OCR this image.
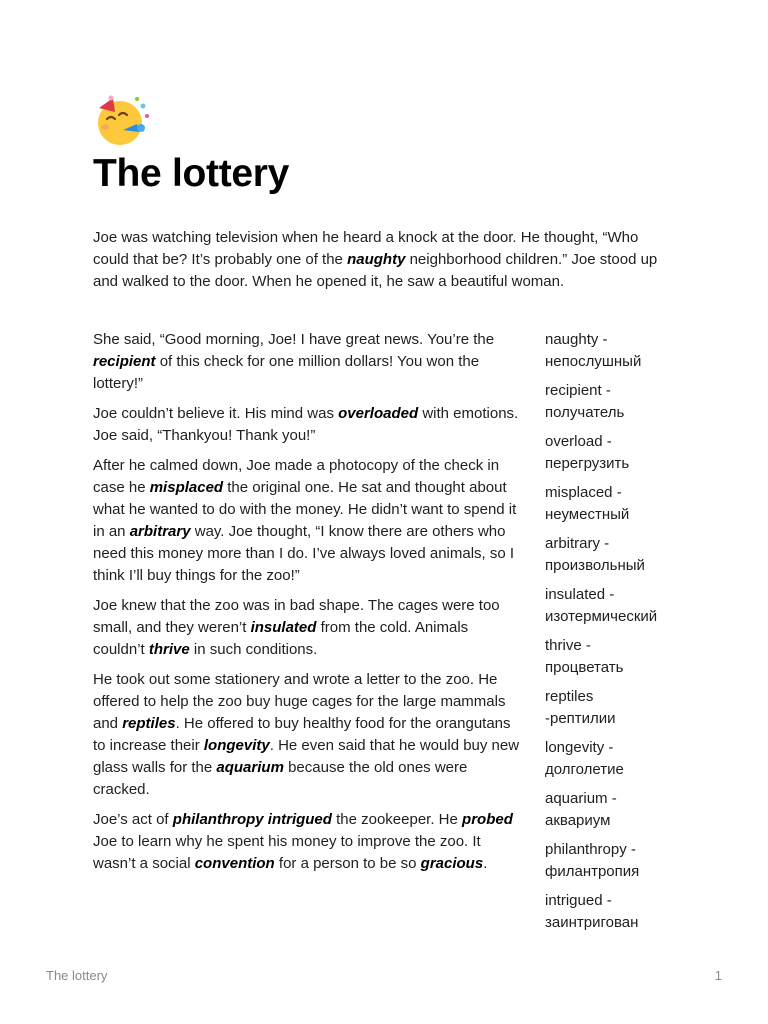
The lottery

Joe was watching television when he heard a knock at the door. He thought, “Who could that be? It’s probably one of the naughty neighborhood children.” Joe stood up and walked to the door. When he opened it, he saw a beautiful woman.

She said, “Good morning, Joe! I have great news. You’re the recipient of this check for one million dollars! You won the lottery!”

Joe couldn’t believe it. His mind was overloaded with emotions. Joe said, “Thankyou! Thank you!”

After he calmed down, Joe made a photocopy of the check in case he misplaced the original one. He sat and thought about what he wanted to do with the money. He didn’t want to spend it in an arbitrary way. Joe thought, “I know there are others who need this money more than I do. I’ve always loved animals, so I think I’ll buy things for the zoo!”

Joe knew that the zoo was in bad shape. The cages were too small, and they weren’t insulated from the cold. Animals couldn’t thrive in such conditions.

He took out some stationery and wrote a letter to the zoo. He offered to help the zoo buy huge cages for the large mammals and reptiles. He offered to buy healthy food for the orangutans to increase their longevity. He even said that he would buy new glass walls for the aquarium because the old ones were cracked.

Joe’s act of philanthropy intrigued the zookeeper. He probed Joe to learn why he spent his money to improve the zoo. It wasn’t a social convention for a person to be so gracious.

naughty -
непослушный
recipient -
получатель
overload -
перегрузить
misplaced -
неуместный
arbitrary -
произвольный
insulated -
изотермический
thrive -
процветать
reptiles
-рептилии
longevity -
долголетие
aquarium -
аквариум
philanthropy -
филантропия
intrigued -
заинтригован
The lottery	1
